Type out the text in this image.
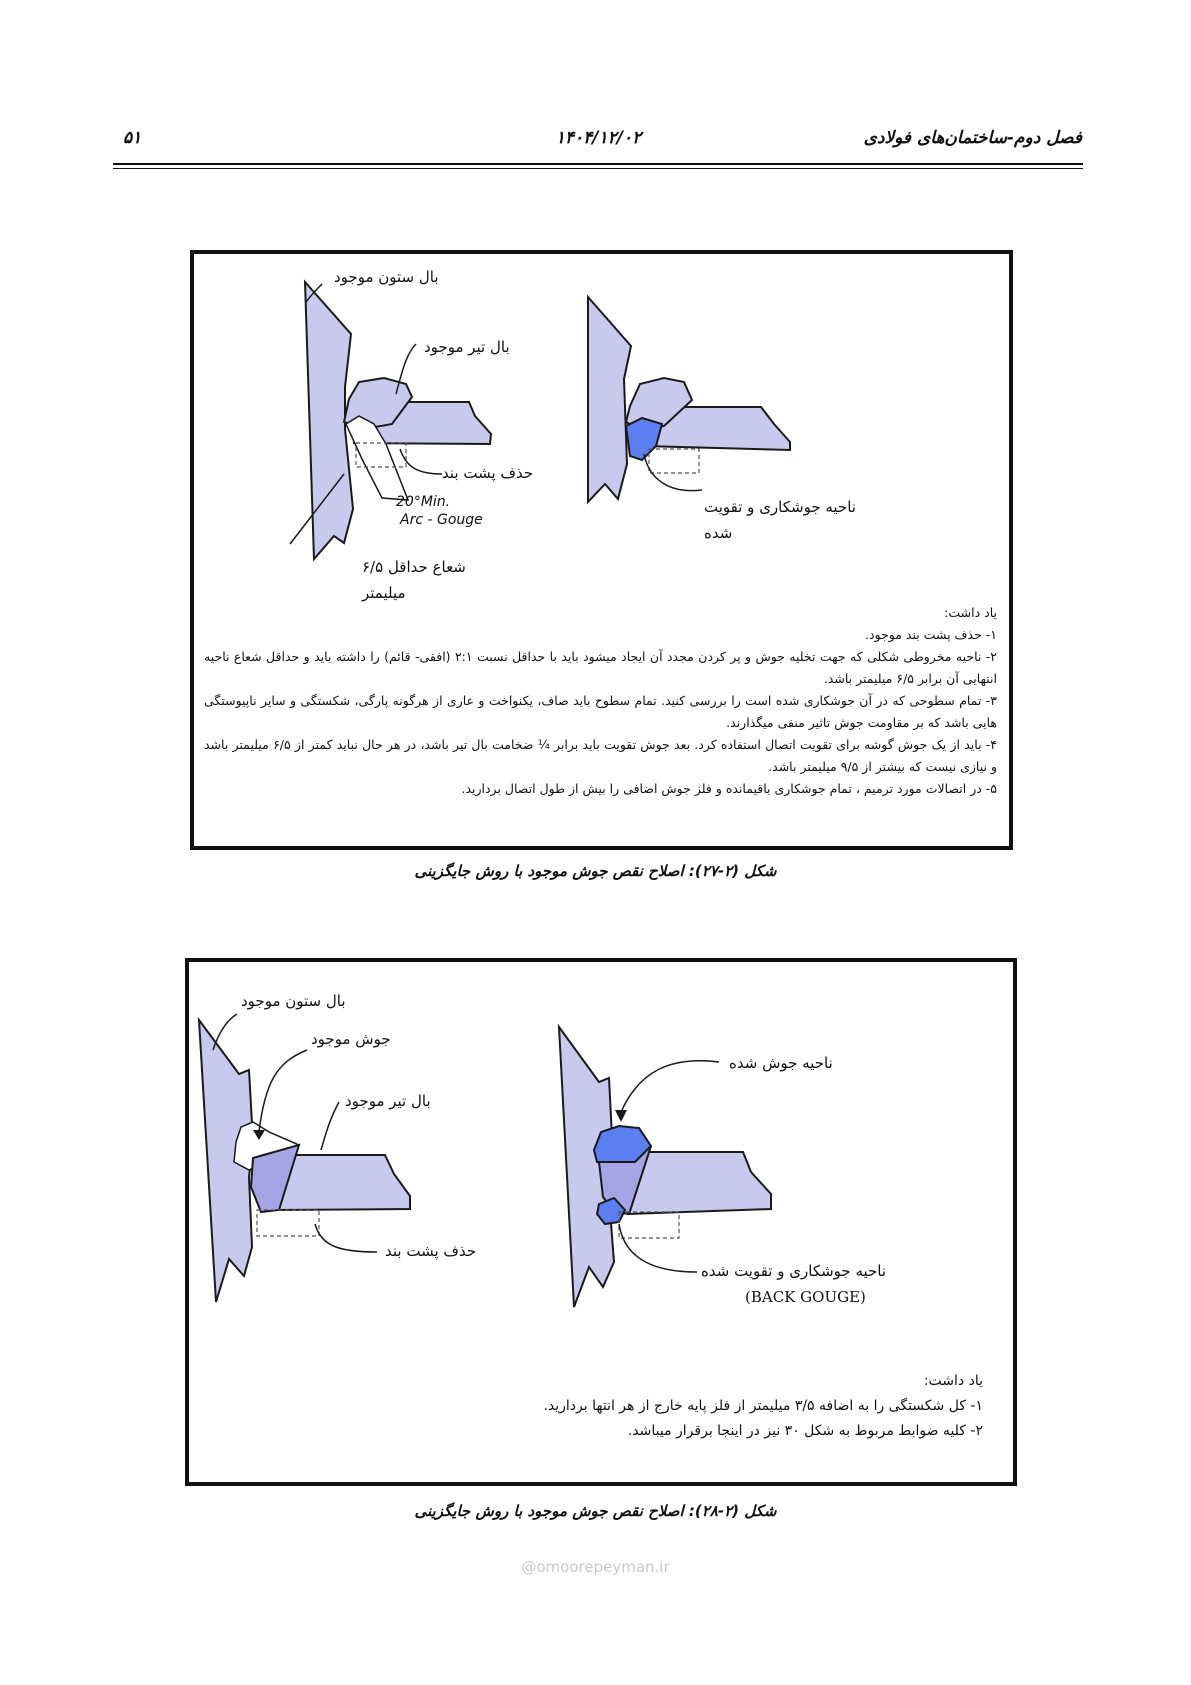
فصل دوم-ساختمان‌های فولادی
۱۴۰۴/۱۲/۰۲
۵۱
بال ستون موجود
بال تیر موجود
حذف پشت بند
20°Min.
Arc - Gouge
شعاع حداقل ۶/۵
میلیمتر
ناحیه جوشکاری و تقویت
شده
یاد داشت:
۱- حذف پشت بند موجود.
۲- ناحیه مخروطی شکلی که جهت تخلیه جوش و پر کردن مجدد آن ایجاد میشود باید با حداقل نسبت ۲:۱ (افقی- قائم) را داشته باید و حداقل شعاع ناحیه انتهایی آن برابر ۶/۵ میلیمتر باشد.
۳- تمام سطوحی که در آن جوشکاری شده است را بررسی کنید. تمام سطوح باید صاف، یکنواخت و عاری از هرگونه پارگی، شکستگی و سایر ناپیوستگی هایی باشد که بر مقاومت جوش تاثیر منفی میگذارند.
۴- باید از یک جوش گوشه برای تقویت اتصال استفاده کرد. بعد جوش تقویت باید برابر ¼ ضخامت بال تیر باشد، در هر حال نباید کمتر از ۶/۵ میلیمتر باشد و نیازی نیست که بیشتر از ۹/۵ میلیمتر باشد.
۵- در اتصالات مورد ترمیم ، تمام جوشکاری باقیمانده و فلز جوش اضافی را بیش از طول اتصال بردارید.
شکل (۲-۲۷): اصلاح نقص جوش موجود با روش جایگزینی
بال ستون موجود
جوش موجود
بال تیر موجود
حذف پشت بند
ناحیه جوش شده
ناحیه جوشکاری و تقویت شده
(BACK GOUGE)
یاد داشت:
۱- کل شکستگی را به اضافه ۳/۵ میلیمتر از فلز پایه خارج از هر انتها بردارید.
۲- کلیه ضوابط مربوط به شکل ۳۰ نیز در اینجا برقرار میباشد.
شکل (۲-۲۸): اصلاح نقص جوش موجود با روش جایگزینی
@omoorepeyman.ir
